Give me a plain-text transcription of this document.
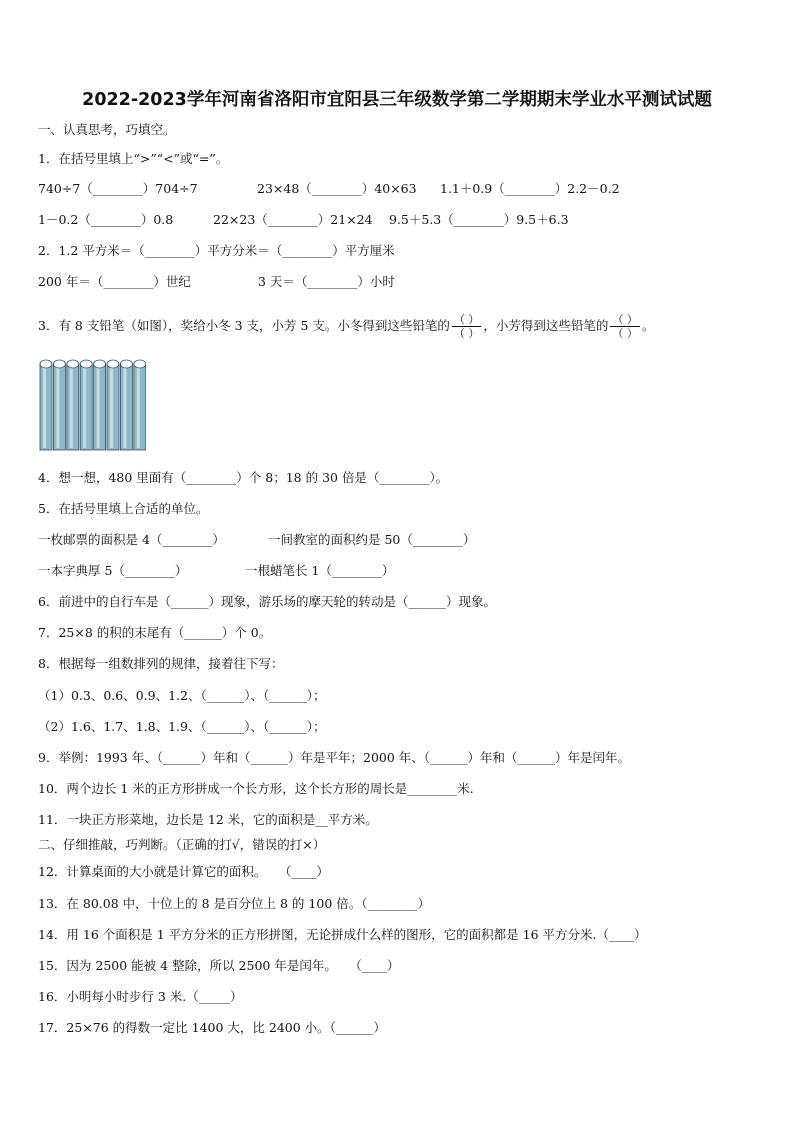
2022-2023学年河南省洛阳市宜阳县三年级数学第二学期期末学业水平测试试题
一、认真思考，巧填空。
1．在括号里填上“>”“<”或“=”。
740÷7（________）704÷7	23×48（________）40×63 1.1＋0.9（________）2.2－0.2
1－0.2（________）0.8	22×23（________）21×24 9.5＋5.3（________）9.5＋6.3
2．1.2 平方米＝（________）平方分米＝（________）平方厘米
200 年＝（________）世纪	3 天＝（________）小时
3．有 8 支铅笔（如图），奖给小冬 3 支，小芳 5 支。小冬得到这些铅笔的 $\frac{( )}{( )}$ ，小芳得到这些铅笔的 $\frac{( )}{( )}$ 。
4．想一想，480 里面有（________）个 8；18 的 30 倍是（________）。
5．在括号里填上合适的单位。
一枚邮票的面积是 4（________）	一间教室的面积约是 50（________）
一本字典厚 5（________）	一根蜡笔长 1（________）
6．前进中的自行车是（______）现象，游乐场的摩天轮的转动是（______）现象。
7．25×8 的积的末尾有（______）个 0。
8．根据每一组数排列的规律，接着往下写：
（1）0.3、0.6、0.9、1.2、（______）、（______）；
（2）1.6、1.7、1.8、1.9、（______）、（______）；
9．举例：1993 年、（______）年和（______）年是平年；2000 年、（______）年和（______）年是闰年。
10．两个边长 1 米的正方形拼成一个长方形，这个长方形的周长是________米.
11．一块正方形菜地，边长是 12 米，它的面积是__平方米。
二、仔细推敲，巧判断。（正确的打√，错误的打×）
12．计算桌面的大小就是计算它的面积。　　（____）
13．在 80.08 中，十位上的 8 是百分位上 8 的 100 倍。（________）
14．用 16 个面积是 1 平方分米的正方形拼图，无论拼成什么样的图形，它的面积都是 16 平方分米.（____）
15．因为 2500 能被 4 整除，所以 2500 年是闰年。　　（____）
16．小明每小时步行 3 米.（_____）
17．25×76 的得数一定比 1400 大，比 2400 小。（______）
